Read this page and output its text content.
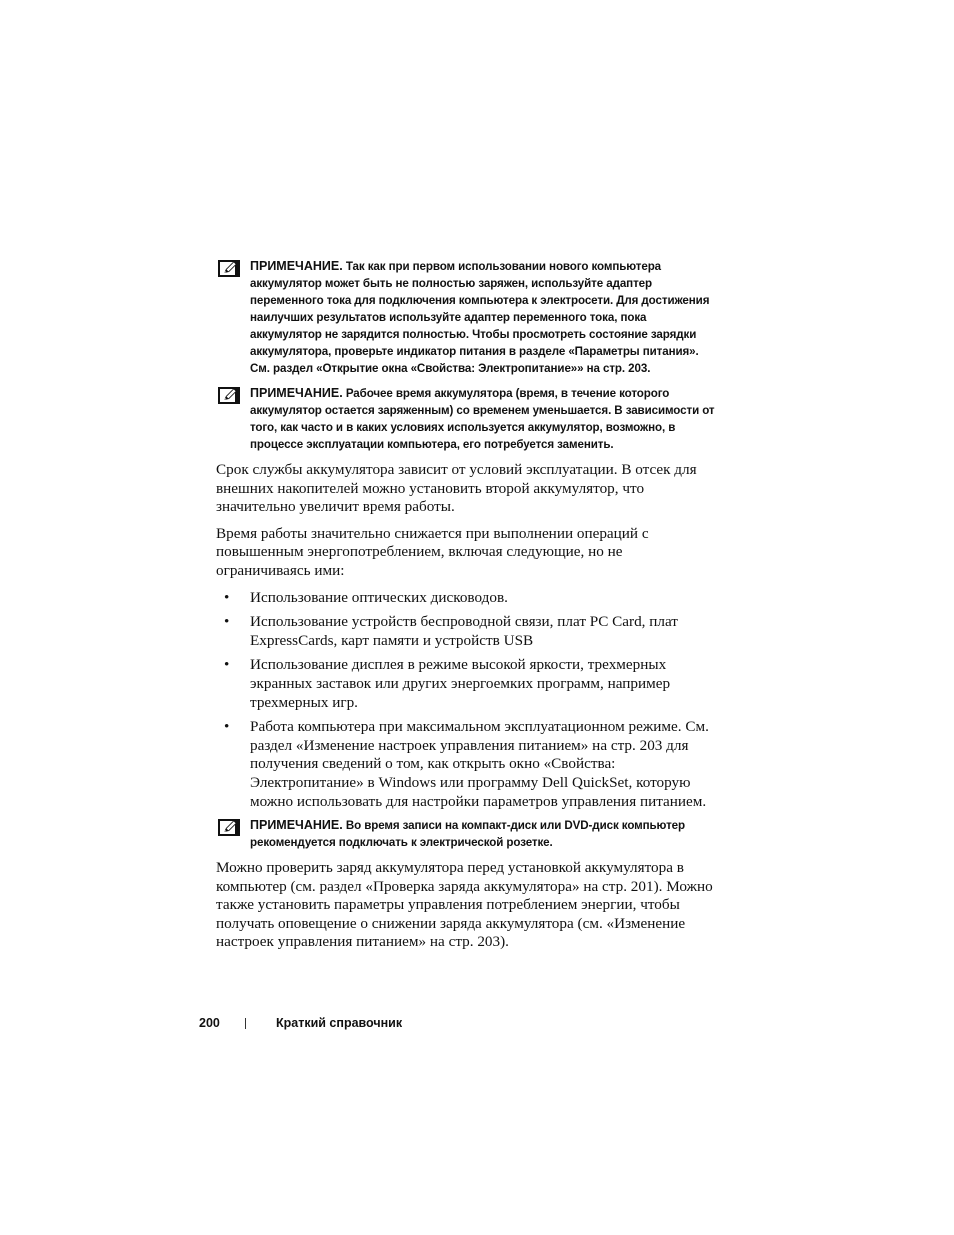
ПРИМЕЧАНИЕ. Так как при первом использовании нового компьютера аккумулятор может быть не полностью заряжен, используйте адаптер переменного тока для подключения компьютера к электросети. Для достижения наилучших результатов используйте адаптер переменного тока, пока аккумулятор не зарядится полностью. Чтобы просмотреть состояние зарядки аккумулятора, проверьте индикатор питания в разделе «Параметры питания». См. раздел «Открытие окна «Свойства: Электропитание»» на стр. 203.
ПРИМЕЧАНИЕ. Рабочее время аккумулятора (время, в течение которого аккумулятор остается заряженным) со временем уменьшается. В зависимости от того, как часто и в каких условиях используется аккумулятор, возможно, в процессе эксплуатации компьютера, его потребуется заменить.

Срок службы аккумулятора зависит от условий эксплуатации. В отсек для внешних накопителей можно установить второй аккумулятор, что значительно увеличит время работы.

Время работы значительно снижается при выполнении операций с повышенным энергопотреблением, включая следующие, но не ограничиваясь ими:

• Использование оптических дисководов.
• Использование устройств беспроводной связи, плат PC Card, плат ExpressCards, карт памяти и устройств USB
• Использование дисплея в режиме высокой яркости, трехмерных экранных заставок или других энергоемких программ, например трехмерных игр.
• Работа компьютера при максимальном эксплуатационном режиме. См. раздел «Изменение настроек управления питанием» на стр. 203 для получения сведений о том, как открыть окно «Свойства: Электропитание» в Windows или программу Dell QuickSet, которую можно использовать для настройки параметров управления питанием.
ПРИМЕЧАНИЕ. Во время записи на компакт-диск или DVD-диск компьютер рекомендуется подключать к электрической розетке.

Можно проверить заряд аккумулятора перед установкой аккумулятора в компьютер (см. раздел «Проверка заряда аккумулятора» на стр. 201). Можно также установить параметры управления потреблением энергии, чтобы получать оповещение о снижении заряда аккумулятора (см. «Изменение настроек управления питанием» на стр. 203).

200	Краткий справочник
